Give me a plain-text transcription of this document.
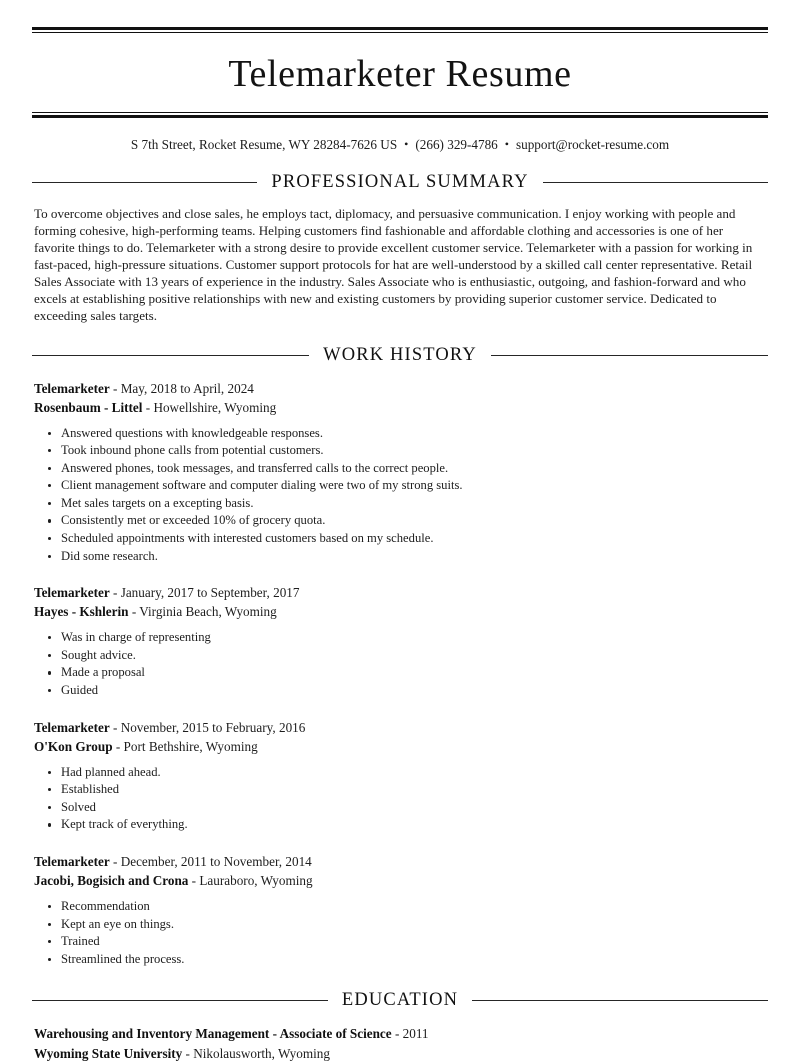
Telemarketer Resume
S 7th Street, Rocket Resume, WY 28284-7626 US • (266) 329-4786 • support@rocket-resume.com
PROFESSIONAL SUMMARY

To overcome objectives and close sales, he employs tact, diplomacy, and persuasive communication. I enjoy working with people and forming cohesive, high-performing teams. Helping customers find fashionable and affordable clothing and accessories is one of her favorite things to do. Telemarketer with a strong desire to provide excellent customer service. Telemarketer with a passion for working in fast-paced, high-pressure situations. Customer support protocols for hat are well-understood by a skilled call center representative. Retail Sales Associate with 13 years of experience in the industry. Sales Associate who is enthusiastic, outgoing, and fashion-forward and who excels at establishing positive relationships with new and existing customers by providing superior customer service. Dedicated to exceeding sales targets.

WORK HISTORY
Telemarketer - May, 2018 to April, 2024
Rosenbaum - Littel - Howellshire, Wyoming
Answered questions with knowledgeable responses.
Took inbound phone calls from potential customers.
Answered phones, took messages, and transferred calls to the correct people.
Client management software and computer dialing were two of my strong suits.
Met sales targets on a excepting basis.
Consistently met or exceeded 10% of grocery quota.
Scheduled appointments with interested customers based on my schedule.
Did some research.
Telemarketer - January, 2017 to September, 2017
Hayes - Kshlerin - Virginia Beach, Wyoming
Was in charge of representing
Sought advice.
Made a proposal
Guided
Telemarketer - November, 2015 to February, 2016
O'Kon Group - Port Bethshire, Wyoming
Had planned ahead.
Established
Solved
Kept track of everything.
Telemarketer - December, 2011 to November, 2014
Jacobi, Bogisich and Crona - Lauraboro, Wyoming
Recommendation
Kept an eye on things.
Trained
Streamlined the process.
EDUCATION
Warehousing and Inventory Management - Associate of Science - 2011
Wyoming State University - Nikolausworth, Wyoming
